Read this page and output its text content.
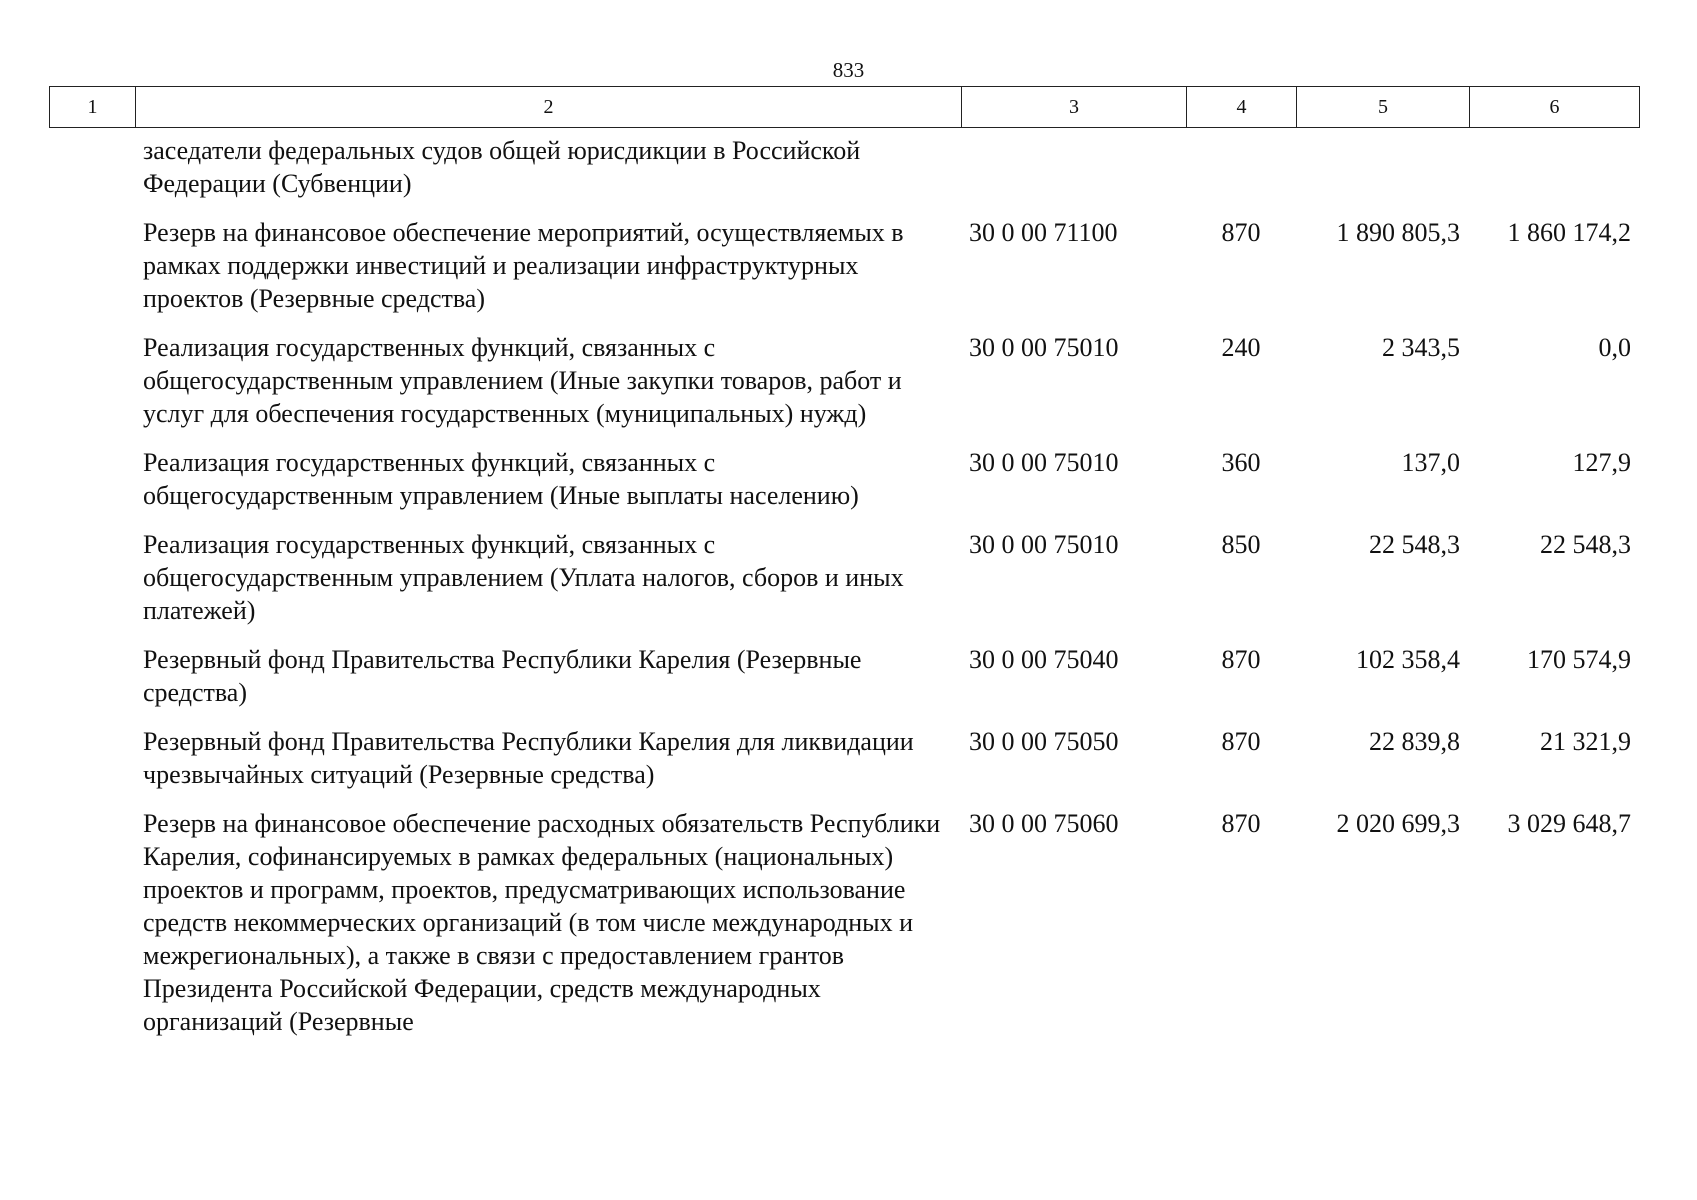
833
1	2	3	4	5	6
заседатели федеральных судов общей юрисдикции в Российской Федерации (Субвенции)
Резерв на финансовое обеспечение мероприятий, осуществляемых в рамках поддержки инвестиций и реализации инфраструктурных проектов (Резервные средства)
30 0 00 71100	870	1 890 805,3	1 860 174,2
Реализация государственных функций, связанных с общегосударственным управлением (Иные закупки товаров, работ и услуг для обеспечения государственных (муниципальных) нужд)
30 0 00 75010	240	2 343,5	0,0
Реализация государственных функций, связанных с общегосударственным управлением (Иные выплаты населению)
30 0 00 75010	360	137,0	127,9
Реализация государственных функций, связанных с общегосударственным управлением (Уплата налогов, сборов и иных платежей)
30 0 00 75010	850	22 548,3	22 548,3
Резервный фонд Правительства Республики Карелия (Резервные средства)
30 0 00 75040	870	102 358,4	170 574,9
Резервный фонд Правительства Республики Карелия для ликвидации чрезвычайных ситуаций (Резервные средства)
30 0 00 75050	870	22 839,8	21 321,9
Резерв на финансовое обеспечение расходных обязательств Республики Карелия, софинансируемых в рамках федеральных (национальных) проектов и программ, проектов, предусматривающих использование средств некоммерческих организаций (в том числе международных и межрегиональных), а также в связи с предоставлением грантов Президента Российской Федерации, средств международных организаций (Резервные
30 0 00 75060	870	2 020 699,3	3 029 648,7
